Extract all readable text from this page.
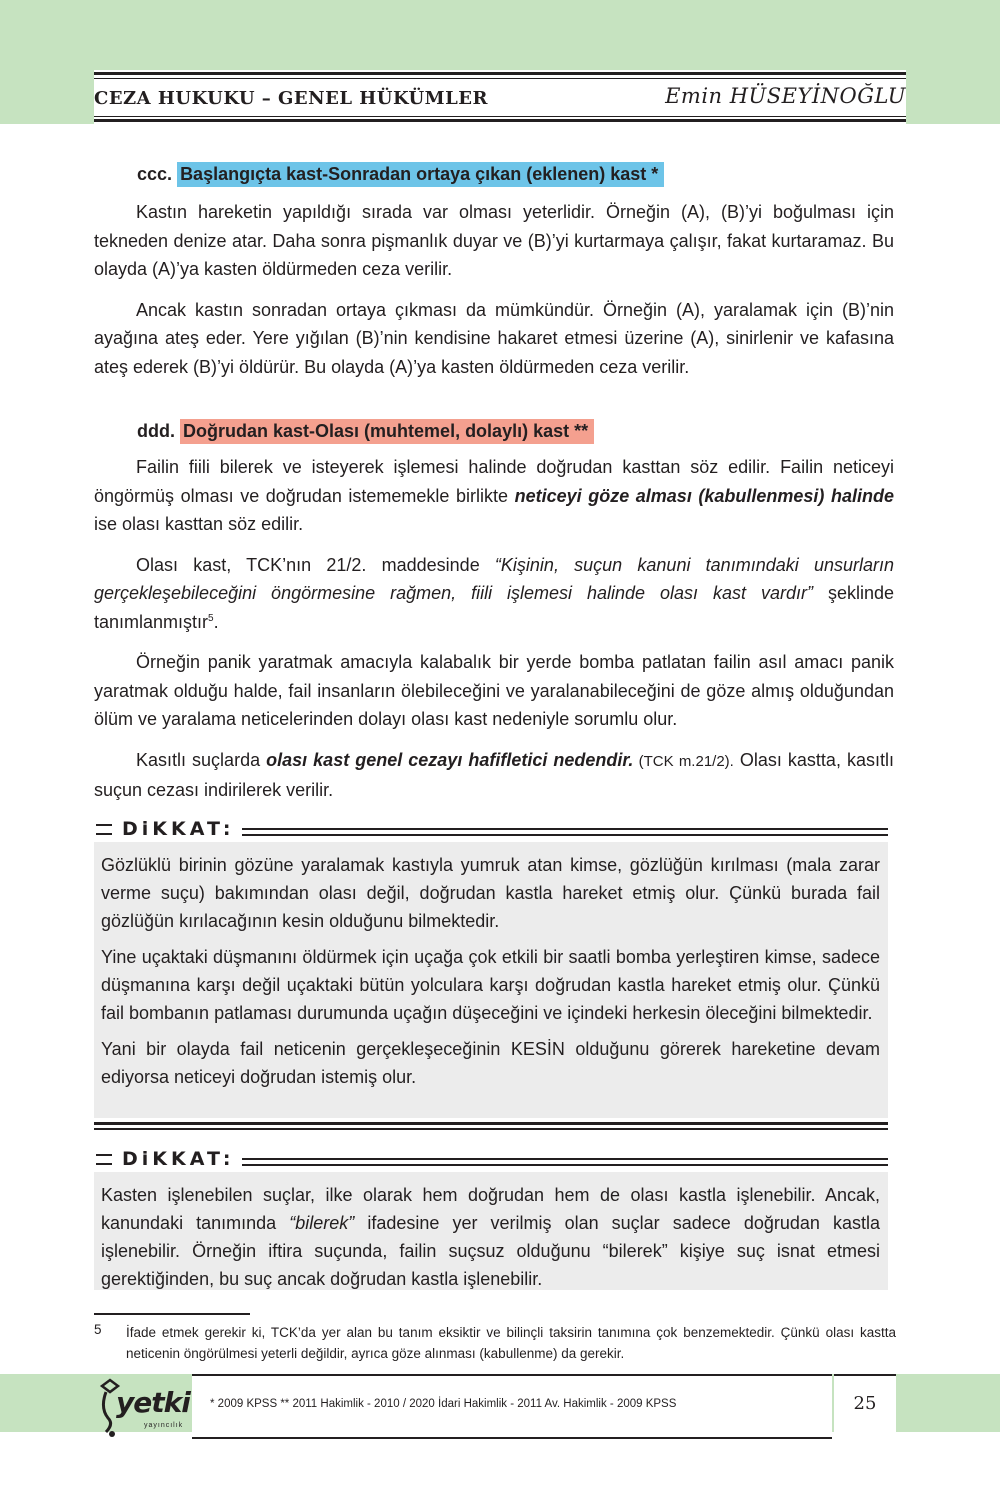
CEZA HUKUKU – GENEL HÜKÜMLER	Emin HÜSEYİNOĞLU
ccc. Başlangıçta kast-Sonradan ortaya çıkan (eklenen) kast *

Kastın hareketin yapıldığı sırada var olması yeterlidir. Örneğin (A), (B)’yi boğulması için tekneden denize atar. Daha sonra pişmanlık duyar ve (B)’yi kurtarmaya çalışır, fakat kurtaramaz. Bu olayda (A)’ya kasten öldürmeden ceza verilir.

Ancak kastın sonradan ortaya çıkması da mümkündür. Örneğin (A), yaralamak için (B)’nin ayağına ateş eder. Yere yığılan (B)’nin kendisine hakaret etmesi üzerine (A), sinirlenir ve kafasına ateş ederek (B)’yi öldürür. Bu olayda (A)’ya kasten öldürmeden ceza verilir.

ddd. Doğrudan kast-Olası (muhtemel, dolaylı) kast **

Failin fiili bilerek ve isteyerek işlemesi halinde doğrudan kasttan söz edilir. Failin neticeyi öngörmüş olması ve doğrudan istememekle birlikte neticeyi göze alması (kabullenmesi) halinde ise olası kasttan söz edilir.

Olası kast, TCK’nın 21/2. maddesinde “Kişinin, suçun kanuni tanımındaki unsurların gerçekleşebileceğini öngörmesine rağmen, fiili işlemesi halinde olası kast vardır” şeklinde tanımlanmıştır$^5$.

Örneğin panik yaratmak amacıyla kalabalık bir yerde bomba patlatan failin asıl amacı panik yaratmak olduğu halde, fail insanların ölebileceğini ve yaralanabileceğini de göze almış olduğundan ölüm ve yaralama neticelerinden dolayı olası kast nedeniyle sorumlu olur.

Kasıtlı suçlarda olası kast genel cezayı hafifletici nedendir. (TCK m.21/2). Olası kastta, kasıtlı suçun cezası indirilerek verilir.

DiKKAT:

Gözlüklü birinin gözüne yaralamak kastıyla yumruk atan kimse, gözlüğün kırılması (mala zarar verme suçu) bakımından olası değil, doğrudan kastla hareket etmiş olur. Çünkü burada fail gözlüğün kırılacağının kesin olduğunu bilmektedir.

Yine uçaktaki düşmanını öldürmek için uçağa çok etkili bir saatli bomba yerleştiren kimse, sadece düşmanına karşı değil uçaktaki bütün yolculara karşı doğrudan kastla hareket etmiş olur. Çünkü fail bombanın patlaması durumunda uçağın düşeceğini ve içindeki herkesin öleceğini bilmektedir.

Yani bir olayda fail neticenin gerçekleşeceğinin KESİN olduğunu görerek hareketine devam ediyorsa neticeyi doğrudan istemiş olur.

DiKKAT:

Kasten işlenebilen suçlar, ilke olarak hem doğrudan hem de olası kastla işlenebilir. Ancak, kanundaki tanımında “bilerek” ifadesine yer verilmiş olan suçlar sadece doğrudan kastla işlenebilir. Örneğin iftira suçunda, failin suçsuz olduğunu “bilerek” kişiye suç isnat etmesi gerektiğinden, bu suç ancak doğrudan kastla işlenebilir.

5 İfade etmek gerekir ki, TCK’da yer alan bu tanım eksiktir ve bilinçli taksirin tanımına çok benzemektedir. Çünkü olası kastta neticenin öngörülmesi yeterli değildir, ayrıca göze alınması (kabullenme) da gerekir.
25
* 2009 KPSS ** 2011 Hakimlik - 2010 / 2020 İdari Hakimlik - 2011 Av. Hakimlik - 2009 KPSS
yetki
yayıncılık
